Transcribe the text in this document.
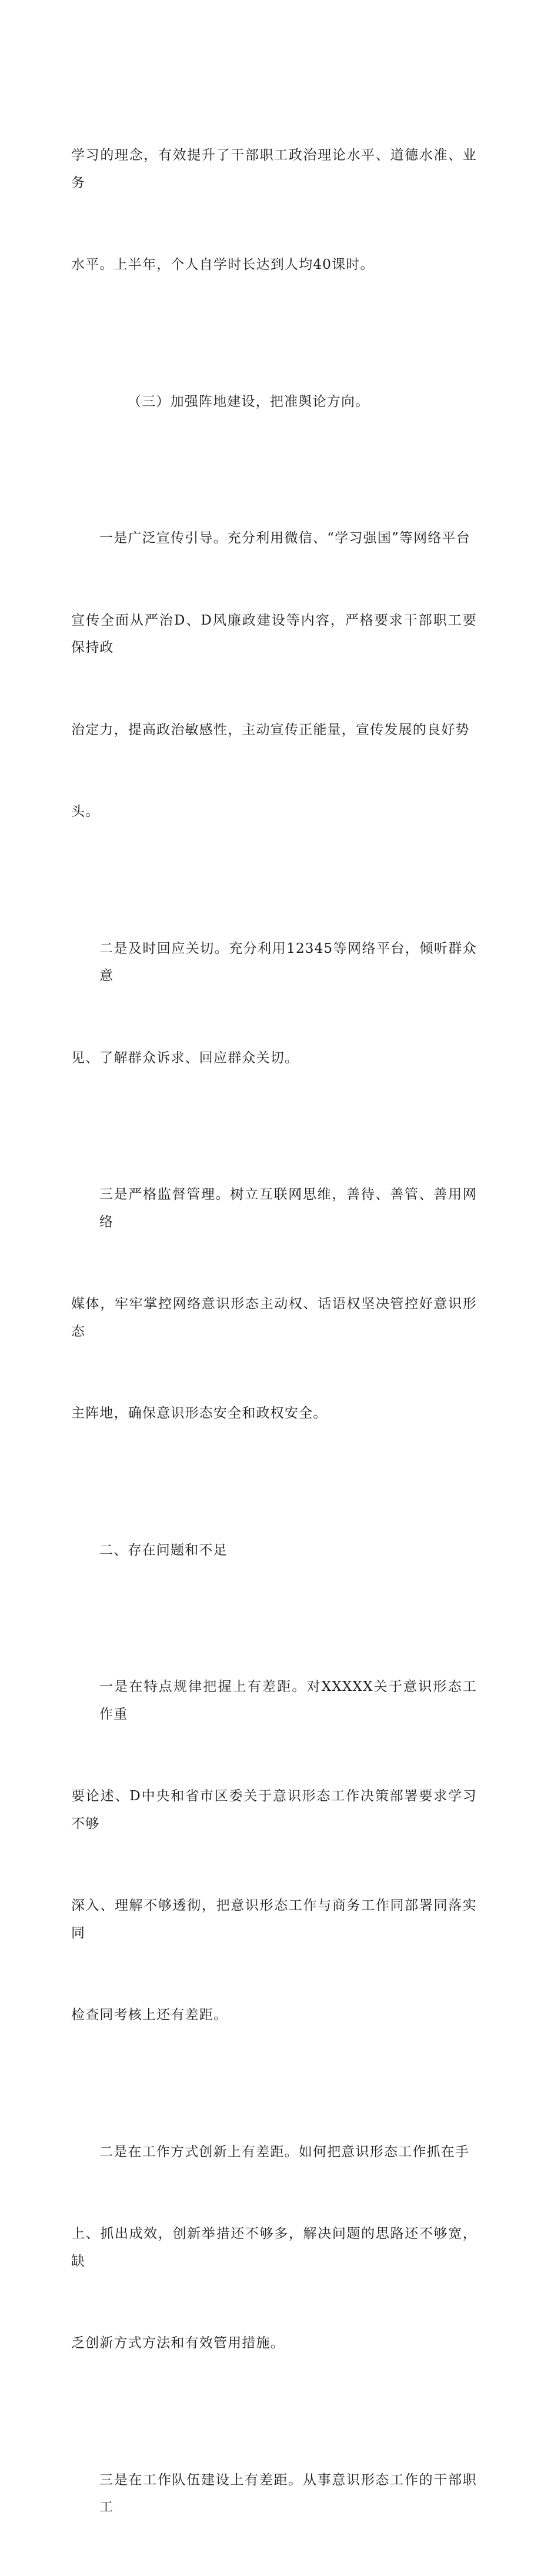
学习的理念，有效提升了干部职工政治理论水平、道德水准、业务

水平。上半年，个人自学时长达到人均40课时。

（三）加强阵地建设，把准舆论方向。

一是广泛宣传引导。充分利用微信、“学习强国”等网络平台

宣传全面从严治D、D风廉政建设等内容，严格要求干部职工要保持政

治定力，提高政治敏感性，主动宣传正能量，宣传发展的良好势

头。

二是及时回应关切。充分利用12345等网络平台，倾听群众意

见、了解群众诉求、回应群众关切。

三是严格监督管理。树立互联网思维，善待、善管、善用网络

媒体，牢牢掌控网络意识形态主动权、话语权坚决管控好意识形态

主阵地，确保意识形态安全和政权安全。

二、存在问题和不足

一是在特点规律把握上有差距。对XXXXX关于意识形态工作重

要论述、D中央和省市区委关于意识形态工作决策部署要求学习不够

深入、理解不够透彻，把意识形态工作与商务工作同部署同落实同

检查同考核上还有差距。

二是在工作方式创新上有差距。如何把意识形态工作抓在手

上、抓出成效，创新举措还不够多，解决问题的思路还不够宽，缺

乏创新方式方法和有效管用措施。

三是在工作队伍建设上有差距。从事意识形态工作的干部职工
